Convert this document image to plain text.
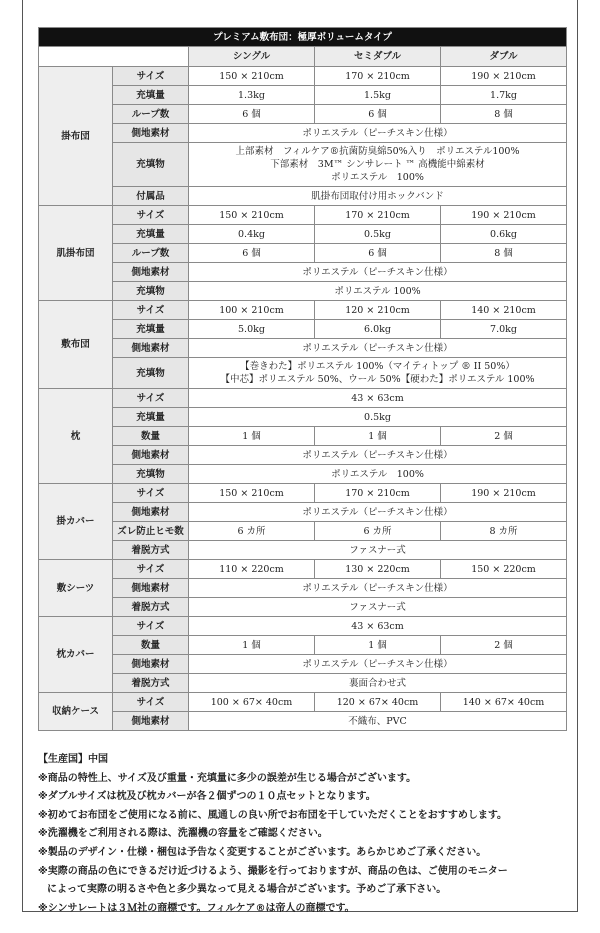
プレミアム敷布団：極厚ボリュームタイプ				
		シングル	セミダブル	ダブル
掛布団	サイズ	150 × 210cm	170 × 210cm	190 × 210cm
	充填量	1.3kg	1.5kg	1.7kg
	ループ数	6 個	6 個	8 個
	側地素材	ポリエステル（ピーチスキン仕様）		
	充填物	上部素材　フィルケア®抗菌防臭綿50%入り　ポリエステル100%
下部素材　3M™ シンサレート ™ 高機能中綿素材
ポリエステル　100%		

	付属品	肌掛布団取付け用ホックバンド		
肌掛布団	サイズ	150 × 210cm	170 × 210cm	190 × 210cm
	充填量	0.4kg	0.5kg	0.6kg
	ループ数	6 個	6 個	8 個
	側地素材	ポリエステル（ピーチスキン仕様）		
	充填物	ポリエステル 100%		
敷布団	サイズ	100 × 210cm	120 × 210cm	140 × 210cm
	充填量	5.0kg	6.0kg	7.0kg
	側地素材	ポリエステル（ピーチスキン仕様）		
	充填物	【巻きわた】ポリエステル 100%（マイティトップ ® II 50%）
【中芯】ポリエステル 50%、ウール 50%【硬わた】ポリエステル 100%		

枕	サイズ	43 × 63cm		
	充填量	0.5kg		
	数量	1 個	1 個	2 個
	側地素材	ポリエステル（ピーチスキン仕様）		
	充填物	ポリエステル　100%		
掛カバー	サイズ	150 × 210cm	170 × 210cm	190 × 210cm
	側地素材	ポリエステル（ピーチスキン仕様）		
	ズレ防止ヒモ数	6 カ所	6 カ所	8 カ所
	着脱方式	ファスナー式		
敷シーツ	サイズ	110 × 220cm	130 × 220cm	150 × 220cm
	側地素材	ポリエステル（ピーチスキン仕様）		
	着脱方式	ファスナー式		
枕カバー	サイズ	43 × 63cm		
	数量	1 個	1 個	2 個
	側地素材	ポリエステル（ピーチスキン仕様）		
	着脱方式	裏面合わせ式		
収納ケース	サイズ	100 × 67× 40cm	120 × 67× 40cm	140 × 67× 40cm
	側地素材	不織布、PVC		
【生産国】中国
※商品の特性上、サイズ及び重量・充填量に多少の誤差が生じる場合がございます。
※ダブルサイズは枕及び枕カバーが各２個ずつの１０点セットとなります。
※初めてお布団をご使用になる前に、風通しの良い所でお布団を干していただくことをおすすめします。
※洗濯機をご利用される際は、洗濯機の容量をご確認ください。
※製品のデザイン・仕様・梱包は予告なく変更することがございます。あらかじめご了承ください。
※実際の商品の色にできるだけ近づけるよう、撮影を行っておりますが、商品の色は、ご使用のモニター
によって実際の明るさや色と多少異なって見える場合がございます。予めご了承下さい。
※シンサレートは３Ｍ社の商標です。フィルケア®は帝人の商標です。
